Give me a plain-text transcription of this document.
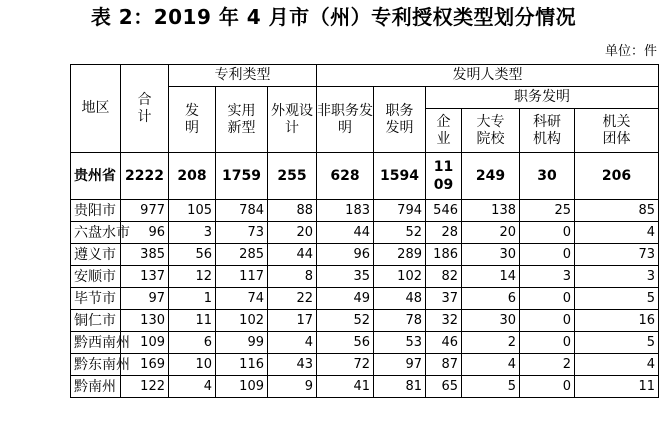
表 2：2019 年 4 月市（州）专利授权类型划分情况
单位：件
地区	合计	专利类型			发明人类型					
		发明	实用新型	外观设计	非职务发明	职务发明	职务发明			
							企业	大专院校	科研机构	机关团体
贵州省	2222	208	1759	255	628	1594	1109	249	30	206
贵阳市	977	105	784	88	183	794	546	138	25	85
六盘水市	96	3	73	20	44	52	28	20	0	4
遵义市	385	56	285	44	96	289	186	30	0	73
安顺市	137	12	117	8	35	102	82	14	3	3
毕节市	97	1	74	22	49	48	37	6	0	5
铜仁市	130	11	102	17	52	78	32	30	0	16
黔西南州	109	6	99	4	56	53	46	2	0	5
黔东南州	169	10	116	43	72	97	87	4	2	4
黔南州	122	4	109	9	41	81	65	5	0	11
